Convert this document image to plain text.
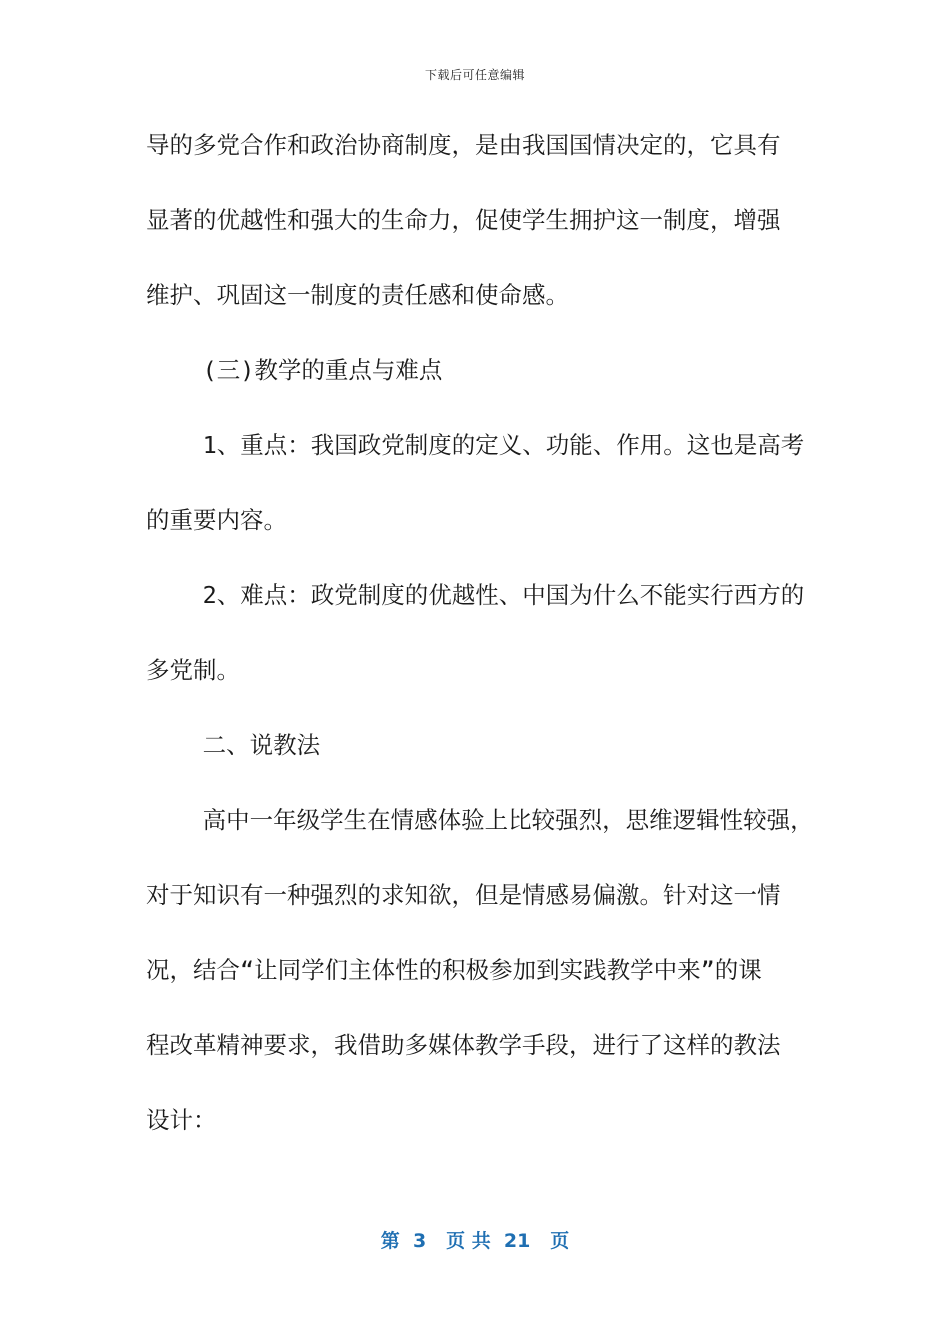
下载后可任意编辑
导的多党合作和政治协商制度，是由我国国情决定的，它具有
显著的优越性和强大的生命力，促使学生拥护这一制度，增强
维护、巩固这一制度的责任感和使命感。
(三)教学的重点与难点
1、重点：我国政党制度的定义、功能、作用。这也是高考
的重要内容。
2、难点：政党制度的优越性、中国为什么不能实行西方的
多党制。
二、说教法
高中一年级学生在情感体验上比较强烈，思维逻辑性较强，
对于知识有一种强烈的求知欲，但是情感易偏激。针对这一情
况，结合“让同学们主体性的积极参加到实践教学中来”的课
程改革精神要求，我借助多媒体教学手段，进行了这样的教法
设计：
第  3   页 共  21   页
